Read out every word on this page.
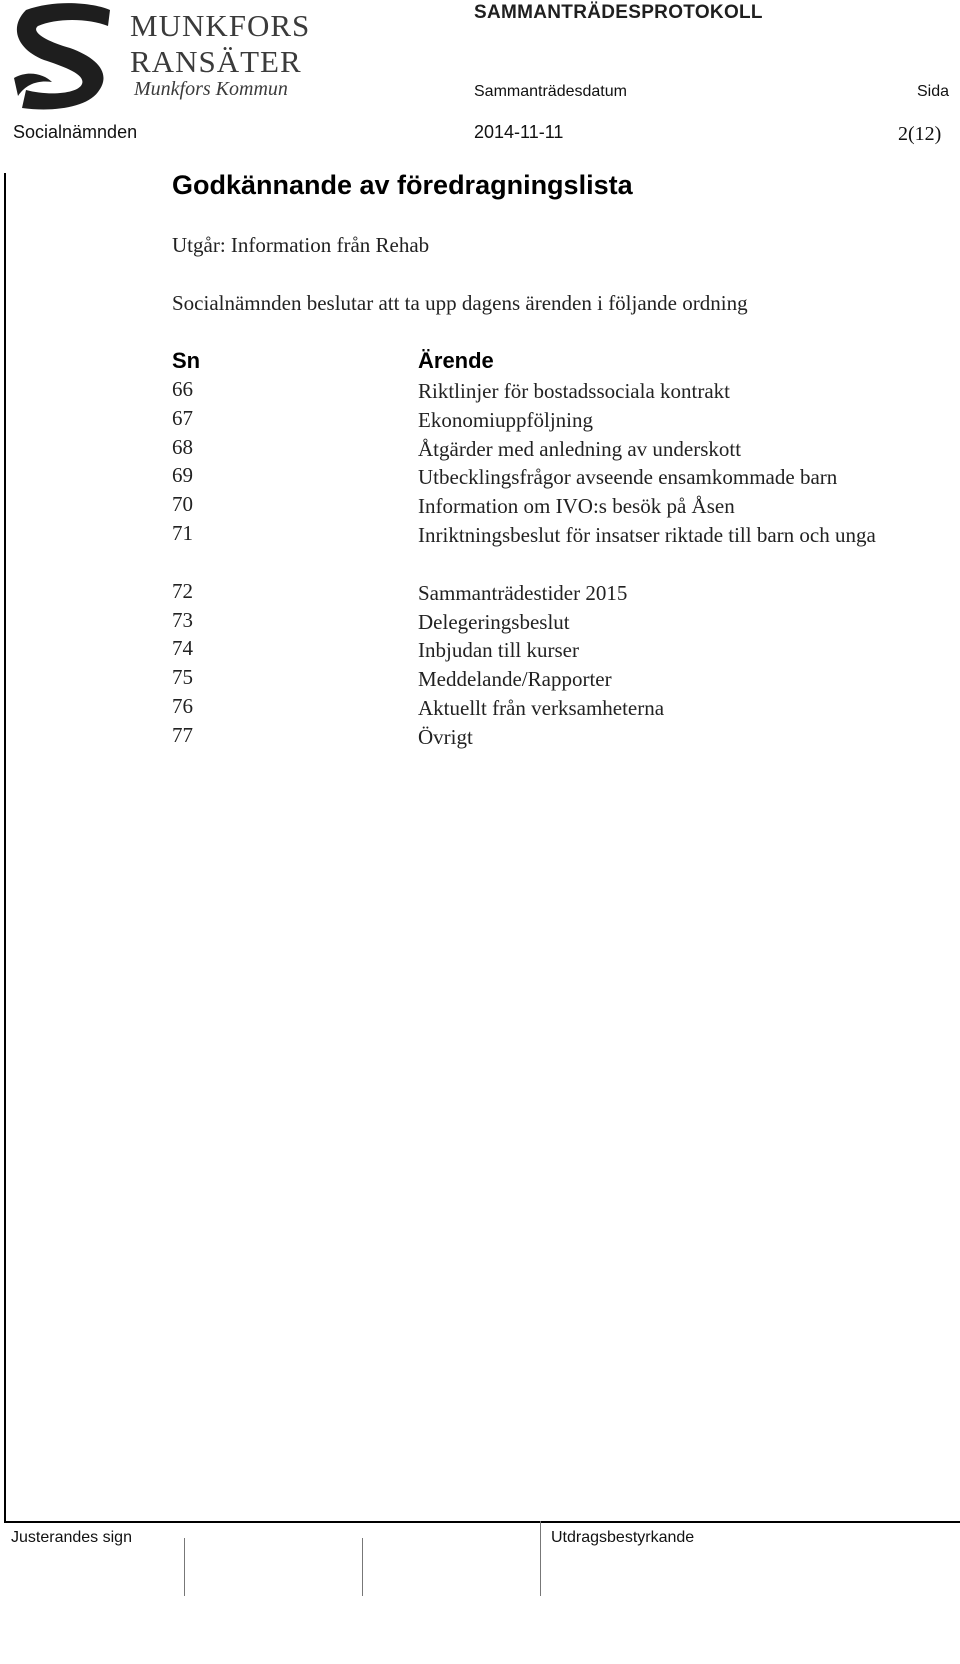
MUNKFORS
RANSÄTER
Munkfors Kommun
SAMMANTRÄDESPROTOKOLL
Sammanträdesdatum	Sida
Socialnämnden	2014-11-11	2(12)
Godkännande av föredragningslista
Utgår: Information från Rehab
Socialnämnden beslutar att ta upp dagens ärenden i följande ordning
Sn	Ärende
66	Riktlinjer för bostadssociala kontrakt
67	Ekonomiuppföljning
68	Åtgärder med anledning av underskott
69	Utbecklingsfrågor avseende ensamkommade barn
70	Information om IVO:s besök på Åsen
71	Inriktningsbeslut för insatser riktade till barn och unga
72	Sammanträdestider 2015
73	Delegeringsbeslut
74	Inbjudan till kurser
75	Meddelande/Rapporter
76	Aktuellt från verksamheterna
77	Övrigt
Justerandes sign	Utdragsbestyrkande
